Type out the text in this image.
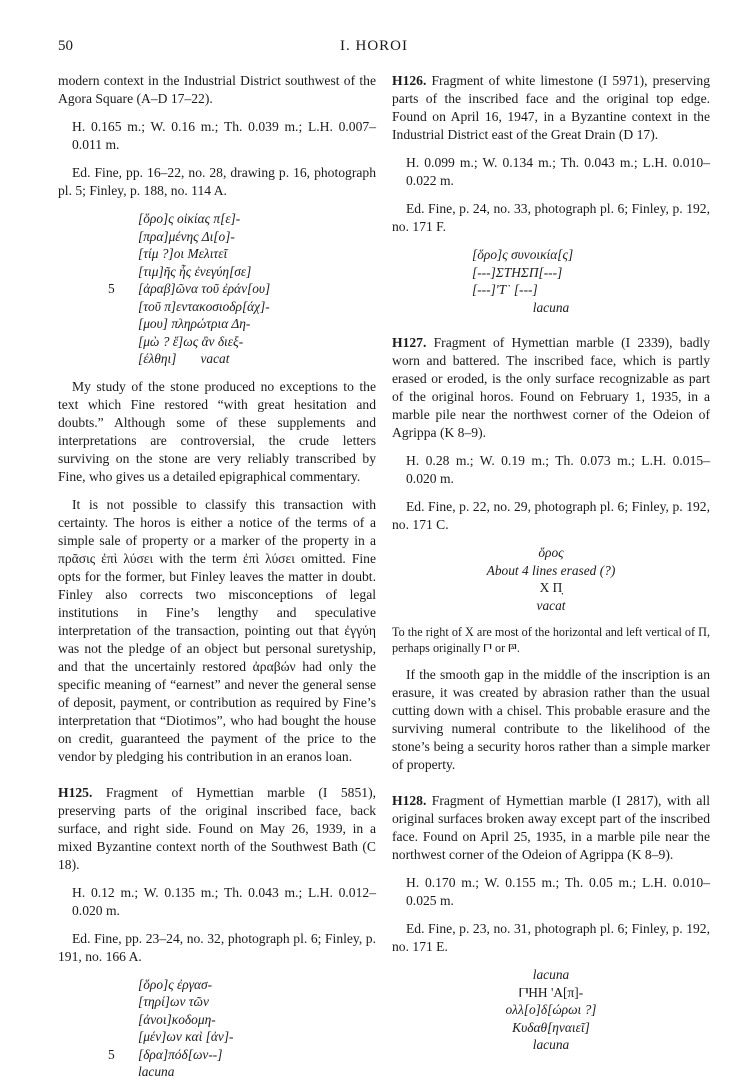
50	I. HOROI

modern context in the Industrial District southwest of the Agora Square (A–D 17–22).

H. 0.165 m.; W. 0.16 m.; Th. 0.039 m.; L.H. 0.007–0.011 m.

Ed. Fine, pp. 16–22, no. 28, drawing p. 16, photograph pl. 5; Finley, p. 188, no. 114 A.

[ὅρο]ς οἰκίας π[ε]-
[πρα]μένης Δι[ο]-
[τίμ ?]οι Μελιτεῖ
[τιμ]ῆς ἧς ἐνεγύη[σε]
5 [ἀραβ]ῶνα τοῦ ἐράν[ου]
[τοῦ π]εντακοσιοδρ[άχ]-
[μου] πληρώτρια Δη-
[μὼ ? ἕ]ως ἂν διεξ-
[έλθηι] vacat

My study of the stone produced no exceptions to the text which Fine restored “with great hesitation and doubts.” Although some of these supplements and interpretations are controversial, the crude letters surviving on the stone are very reliably transcribed by Fine, who gives us a detailed epigraphical commentary.

It is not possible to classify this transaction with certainty. The horos is either a notice of the terms of a simple sale of property or a marker of the property in a πρᾶσις ἐπὶ λύσει with the term ἐπὶ λύσει omitted. Fine opts for the former, but Finley leaves the matter in doubt. Finley also corrects two misconceptions of legal institutions in Fine’s lengthy and speculative interpretation of the transaction, pointing out that ἐγγύη was not the pledge of an object but personal suretyship, and that the uncertainly restored ἀραβών had only the specific meaning of “earnest” and never the general sense of deposit, payment, or contribution as required by Fine’s interpretation that “Diotimos”, who had bought the house on credit, guaranteed the payment of the price to the vendor by pledging his contribution in an eranos loan.

H125. Fragment of Hymettian marble (I 5851), preserving parts of the original inscribed face, back surface, and right side. Found on May 26, 1939, in a mixed Byzantine context north of the Southwest Bath (C 18).

H. 0.12 m.; W. 0.135 m.; Th. 0.043 m.; L.H. 0.012–0.020 m.

Ed. Fine, pp. 23–24, no. 32, photograph pl. 6; Finley, p. 191, no. 166 A.

[ὅρο]ς ἐργασ-
[τηρί]ων τῶν
[ἀνοι]κοδομη-
[μέν]ων καὶ [ἀν]-
5 [δρα]πόδ[ων--]
lacuna

H126. Fragment of white limestone (I 5971), preserving parts of the inscribed face and the original top edge. Found on April 16, 1947, in a Byzantine context in the Industrial District east of the Great Drain (D 17).

H. 0.099 m.; W. 0.134 m.; Th. 0.043 m.; L.H. 0.010–0.022 m.

Ed. Fine, p. 24, no. 33, photograph pl. 6; Finley, p. 192, no. 171 F.

[ὅρο]ς συνοικία[ς]
[---]ΣΤΗΣΠ[---]
[---]'Τ˙ [---]
lacuna

H127. Fragment of Hymettian marble (I 2339), badly worn and battered. The inscribed face, which is partly erased or eroded, is the only surface recognizable as part of the original horos. Found on February 1, 1935, in a marble pile near the northwest corner of the Odeion of Agrippa (K 8–9).

H. 0.28 m.; W. 0.19 m.; Th. 0.073 m.; L.H. 0.015–0.020 m.

Ed. Fine, p. 22, no. 29, photograph pl. 6; Finley, p. 192, no. 171 C.

ὅρος
About 4 lines erased (?)
Χ Π̣
vacat

To the right of X are most of the horizontal and left vertical of Π, perhaps originally 𐅃 or 𐅄.

If the smooth gap in the middle of the inscription is an erasure, it was created by abrasion rather than the usual cutting down with a chisel. This probable erasure and the surviving numeral contribute to the likelihood of the stone’s being a security horos rather than a simple marker of property.

H128. Fragment of Hymettian marble (I 2817), with all original surfaces broken away except part of the inscribed face. Found on April 25, 1935, in a marble pile near the northwest corner of the Odeion of Agrippa (K 8–9).

H. 0.170 m.; W. 0.155 m.; Th. 0.05 m.; L.H. 0.010–0.025 m.

Ed. Fine, p. 23, no. 31, photograph pl. 6; Finley, p. 192, no. 171 E.

lacuna
𐅃ΗΗ 'Α[π]-
ολλ[ο]δ[ώρωι ?]
Κυδαθ[ηναιεῖ]
lacuna
